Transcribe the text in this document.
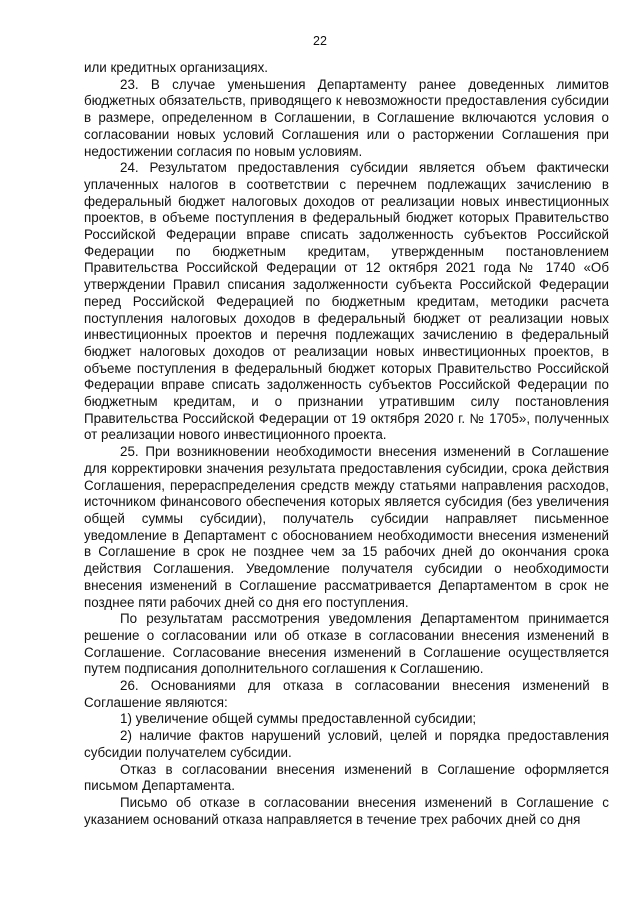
22

или кредитных организациях.

23. В случае уменьшения Департаменту ранее доведенных лимитов бюджетных обязательств, приводящего к невозможности предоставления субсидии в размере, определенном в Соглашении, в Соглашение включаются условия о согласовании новых условий Соглашения или о расторжении Соглашения при недостижении согласия по новым условиям.

24. Результатом предоставления субсидии является объем фактически уплаченных налогов в соответствии с перечнем подлежащих зачислению в федеральный бюджет налоговых доходов от реализации новых инвестиционных проектов, в объеме поступления в федеральный бюджет которых Правительство Российской Федерации вправе списать задолженность субъектов Российской Федерации по бюджетным кредитам, утвержденным постановлением Правительства Российской Федерации от 12 октября 2021 года № 1740 «Об утверждении Правил списания задолженности субъекта Российской Федерации перед Российской Федерацией по бюджетным кредитам, методики расчета поступления налоговых доходов в федеральный бюджет от реализации новых инвестиционных проектов и перечня подлежащих зачислению в федеральный бюджет налоговых доходов от реализации новых инвестиционных проектов, в объеме поступления в федеральный бюджет которых Правительство Российской Федерации вправе списать задолженность субъектов Российской Федерации по бюджетным кредитам, и о признании утратившим силу постановления Правительства Российской Федерации от 19 октября 2020 г. № 1705», полученных от реализации нового инвестиционного проекта.

25. При возникновении необходимости внесения изменений в Соглашение для корректировки значения результата предоставления субсидии, срока действия Соглашения, перераспределения средств между статьями направления расходов, источником финансового обеспечения которых является субсидия (без увеличения общей суммы субсидии), получатель субсидии направляет письменное уведомление в Департамент с обоснованием необходимости внесения изменений в Соглашение в срок не позднее чем за 15 рабочих дней до окончания срока действия Соглашения. Уведомление получателя субсидии о необходимости внесения изменений в Соглашение рассматривается Департаментом в срок не позднее пяти рабочих дней со дня его поступления.

По результатам рассмотрения уведомления Департаментом принимается решение о согласовании или об отказе в согласовании внесения изменений в Соглашение. Согласование внесения изменений в Соглашение осуществляется путем подписания дополнительного соглашения к Соглашению.

26. Основаниями для отказа в согласовании внесения изменений в Соглашение являются:

1) увеличение общей суммы предоставленной субсидии;

2) наличие фактов нарушений условий, целей и порядка предоставления субсидии получателем субсидии.

Отказ в согласовании внесения изменений в Соглашение оформляется письмом Департамента.

Письмо об отказе в согласовании внесения изменений в Соглашение с указанием оснований отказа направляется в течение трех рабочих дней со дня
